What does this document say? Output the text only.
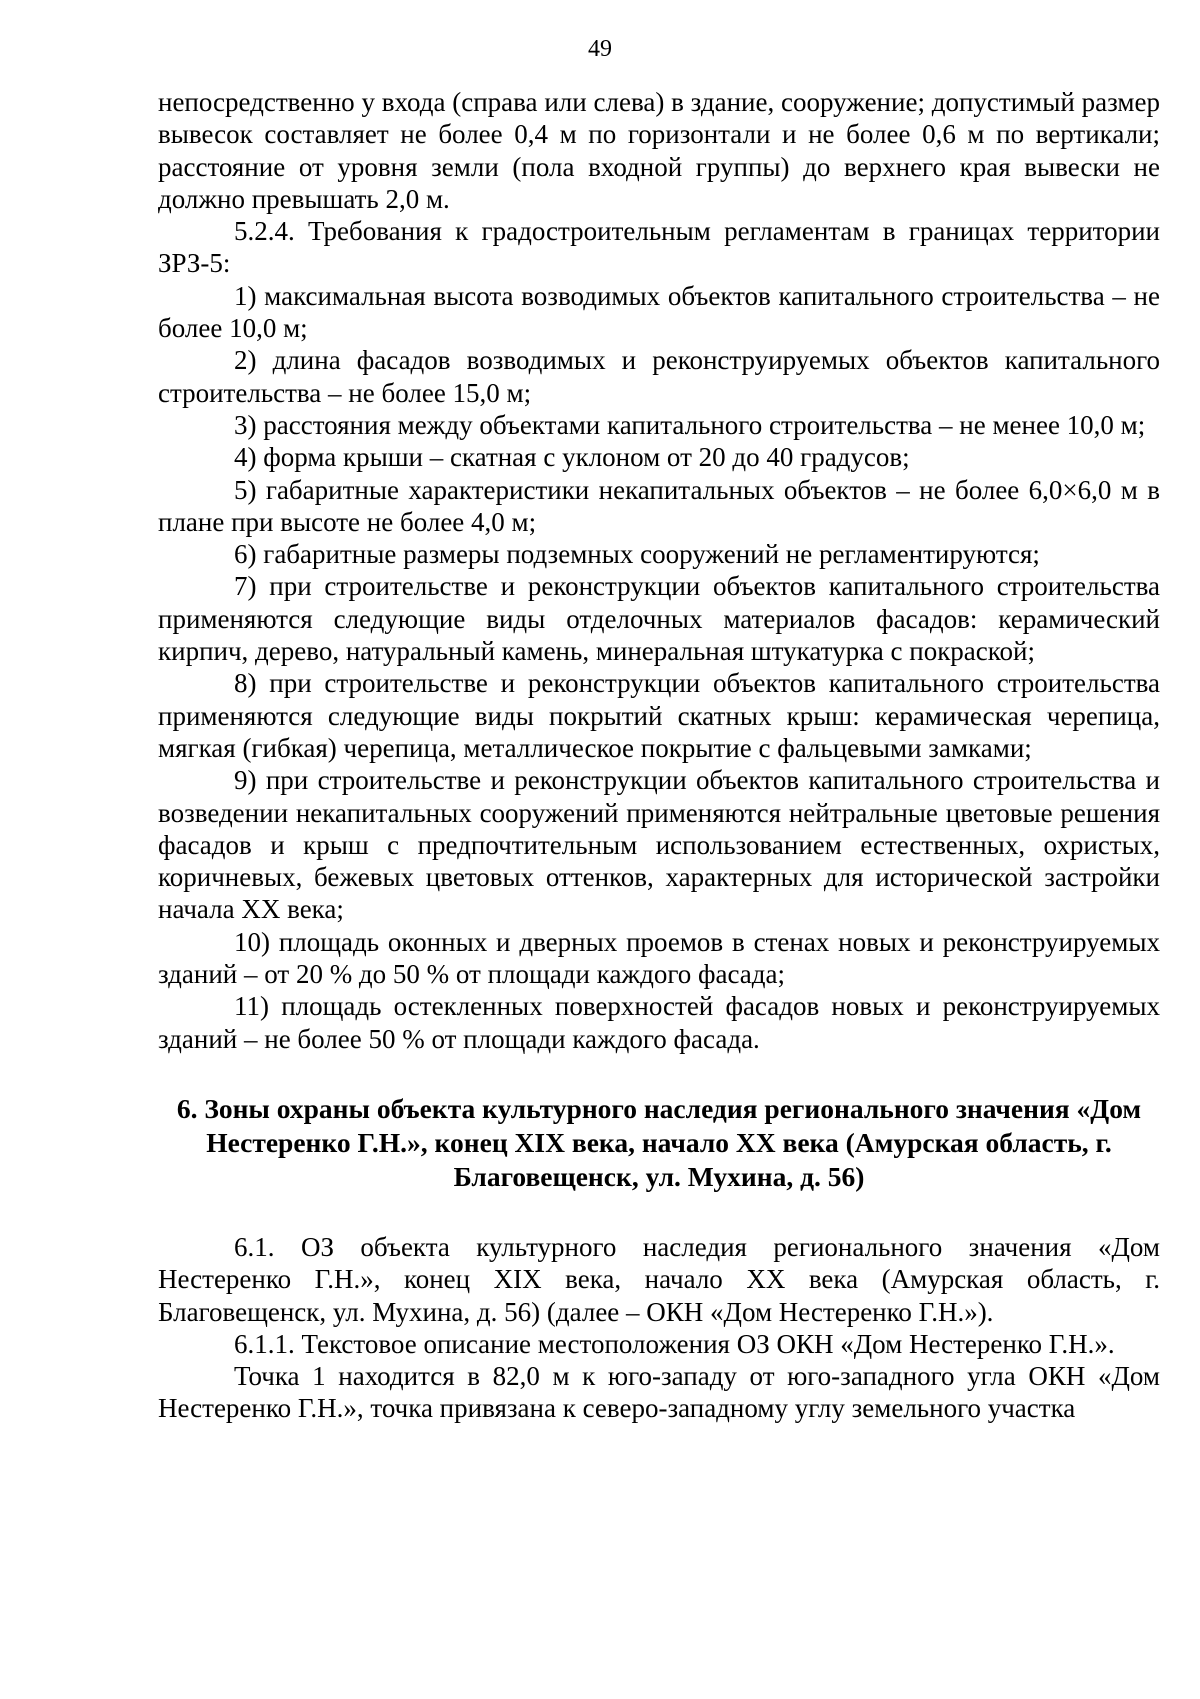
49

непосредственно у входа (справа или слева) в здание, сооружение; допустимый размер вывесок составляет не более 0,4 м по горизонтали и не более 0,6 м по вертикали; расстояние от уровня земли (пола входной группы) до верхнего края вывески не должно превышать 2,0 м.

5.2.4. Требования к градостроительным регламентам в границах территории ЗРЗ-5:

1) максимальная высота возводимых объектов капитального строительства – не более 10,0 м;

2) длина фасадов возводимых и реконструируемых объектов капитального строительства – не более 15,0 м;

3) расстояния между объектами капитального строительства – не менее 10,0 м;

4) форма крыши – скатная с уклоном от 20 до 40 градусов;

5) габаритные характеристики некапитальных объектов – не более 6,0×6,0 м в плане при высоте не более 4,0 м;

6) габаритные размеры подземных сооружений не регламентируются;

7) при строительстве и реконструкции объектов капитального строительства применяются следующие виды отделочных материалов фасадов: керамический кирпич, дерево, натуральный камень, минеральная штукатурка с покраской;

8) при строительстве и реконструкции объектов капитального строительства применяются следующие виды покрытий скатных крыш: керамическая черепица, мягкая (гибкая) черепица, металлическое покрытие с фальцевыми замками;

9) при строительстве и реконструкции объектов капитального строительства и возведении некапитальных сооружений применяются нейтральные цветовые решения фасадов и крыш с предпочтительным использованием естественных, охристых, коричневых, бежевых цветовых оттенков, характерных для исторической застройки начала XX века;

10) площадь оконных и дверных проемов в стенах новых и реконструируемых зданий – от 20 % до 50 % от площади каждого фасада;

11) площадь остекленных поверхностей фасадов новых и реконструируемых зданий – не более 50 % от площади каждого фасада.

6. Зоны охраны объекта культурного наследия регионального значения «Дом Нестеренко Г.Н.», конец XIX века, начало XX века (Амурская область, г. Благовещенск, ул. Мухина, д. 56)

6.1. ОЗ объекта культурного наследия регионального значения «Дом Нестеренко Г.Н.», конец XIX века, начало XX века (Амурская область, г. Благовещенск, ул. Мухина, д. 56) (далее – ОКН «Дом Нестеренко Г.Н.»).

6.1.1. Текстовое описание местоположения ОЗ ОКН «Дом Нестеренко Г.Н.».

Точка 1 находится в 82,0 м к юго-западу от юго-западного угла ОКН «Дом Нестеренко Г.Н.», точка привязана к северо-западному углу земельного участка
